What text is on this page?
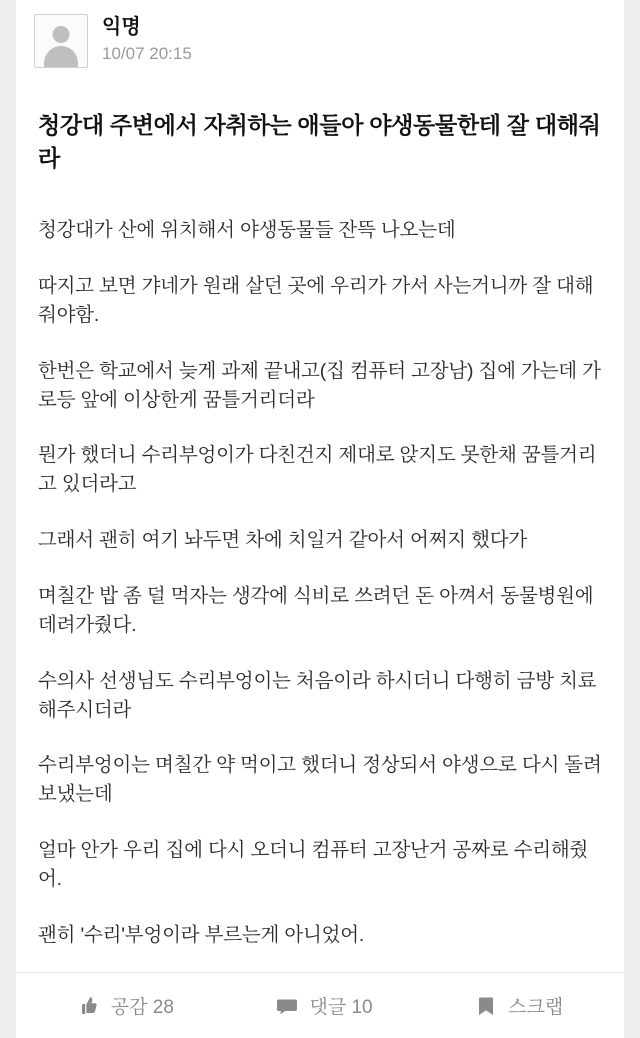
익명
10/07 20:15
청강대 주변에서 자취하는 애들아 야생동물한테 잘 대해줘라

청강대가 산에 위치해서 야생동물들 잔뜩 나오는데

따지고 보면 갸네가 원래 살던 곳에 우리가 가서 사는거니까 잘 대해줘야함.

한번은 학교에서 늦게 과제 끝내고(집 컴퓨터 고장남) 집에 가는데 가로등 앞에 이상한게 꿈틀거리더라

뭔가 했더니 수리부엉이가 다친건지 제대로 앉지도 못한채 꿈틀거리고 있더라고

그래서 괜히 여기 놔두면 차에 치일거 같아서 어쩌지 했다가

며칠간 밥 좀 덜 먹자는 생각에 식비로 쓰려던 돈 아껴서 동물병원에 데려가줬다.

수의사 선생님도 수리부엉이는 처음이라 하시더니 다행히 금방 치료해주시더라

수리부엉이는 며칠간 약 먹이고 했더니 정상되서 야생으로 다시 돌려보냈는데

얼마 안가 우리 집에 다시 오더니 컴퓨터 고장난거 공짜로 수리해줬어.

괜히 '수리'부엉이라 부르는게 아니었어.

공감 28	댓글 10	스크랩
